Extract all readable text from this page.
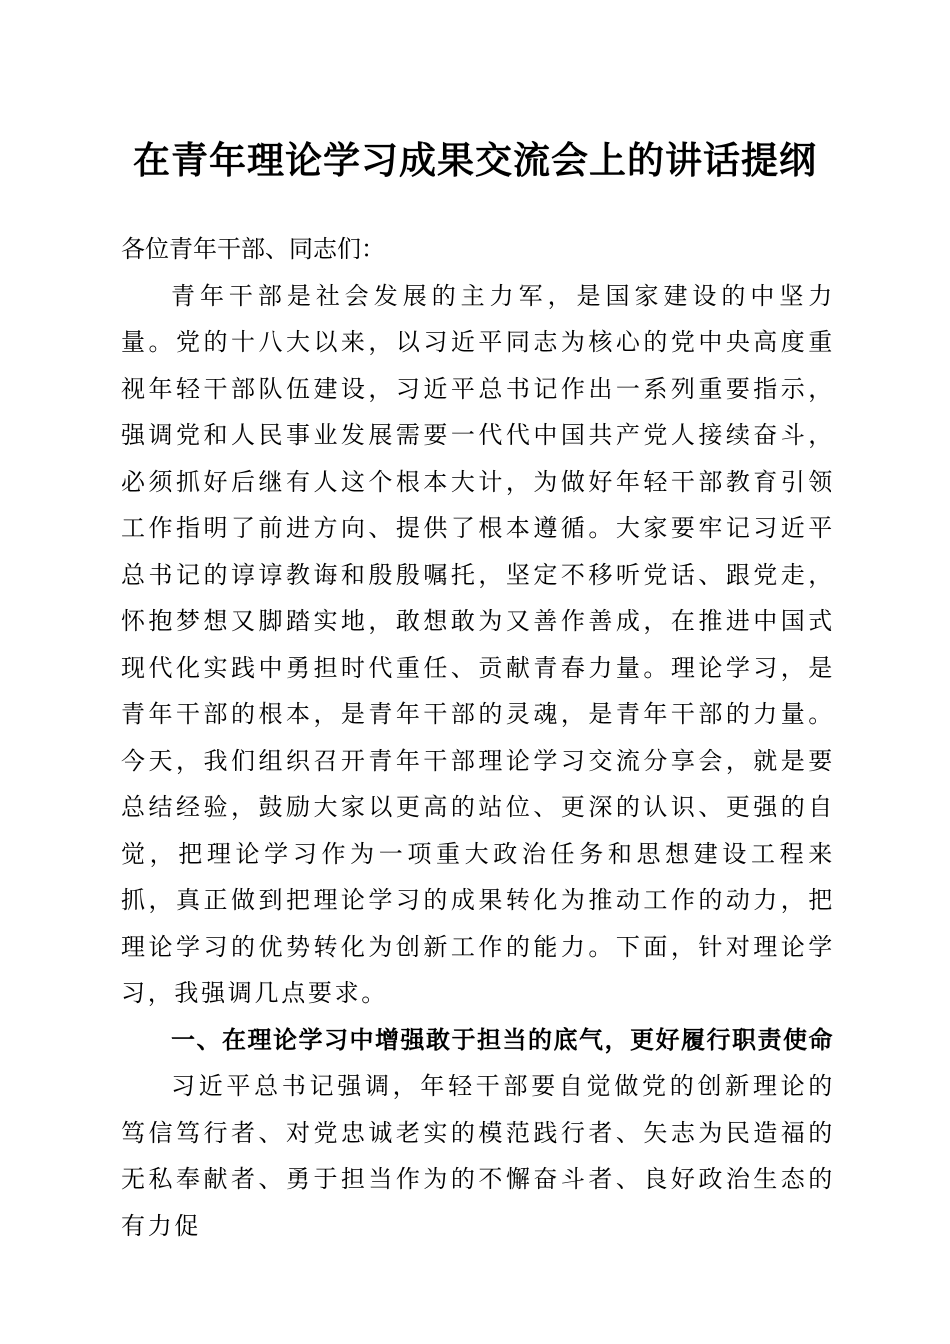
在青年理论学习成果交流会上的讲话提纲

各位青年干部、同志们：

青年干部是社会发展的主力军，是国家建设的中坚力量。党的十八大以来，以习近平同志为核心的党中央高度重视年轻干部队伍建设，习近平总书记作出一系列重要指示，强调党和人民事业发展需要一代代中国共产党人接续奋斗，必须抓好后继有人这个根本大计，为做好年轻干部教育引领工作指明了前进方向、提供了根本遵循。大家要牢记习近平总书记的谆谆教诲和殷殷嘱托，坚定不移听党话、跟党走，怀抱梦想又脚踏实地，敢想敢为又善作善成，在推进中国式现代化实践中勇担时代重任、贡献青春力量。理论学习，是青年干部的根本，是青年干部的灵魂，是青年干部的力量。今天，我们组织召开青年干部理论学习交流分享会，就是要总结经验，鼓励大家以更高的站位、更深的认识、更强的自觉，把理论学习作为一项重大政治任务和思想建设工程来抓，真正做到把理论学习的成果转化为推动工作的动力，把理论学习的优势转化为创新工作的能力。下面，针对理论学习，我强调几点要求。

一、在理论学习中增强敢于担当的底气，更好履行职责使命

习近平总书记强调，年轻干部要自觉做党的创新理论的笃信笃行者、对党忠诚老实的模范践行者、矢志为民造福的无私奉献者、勇于担当作为的不懈奋斗者、良好政治生态的有力促
